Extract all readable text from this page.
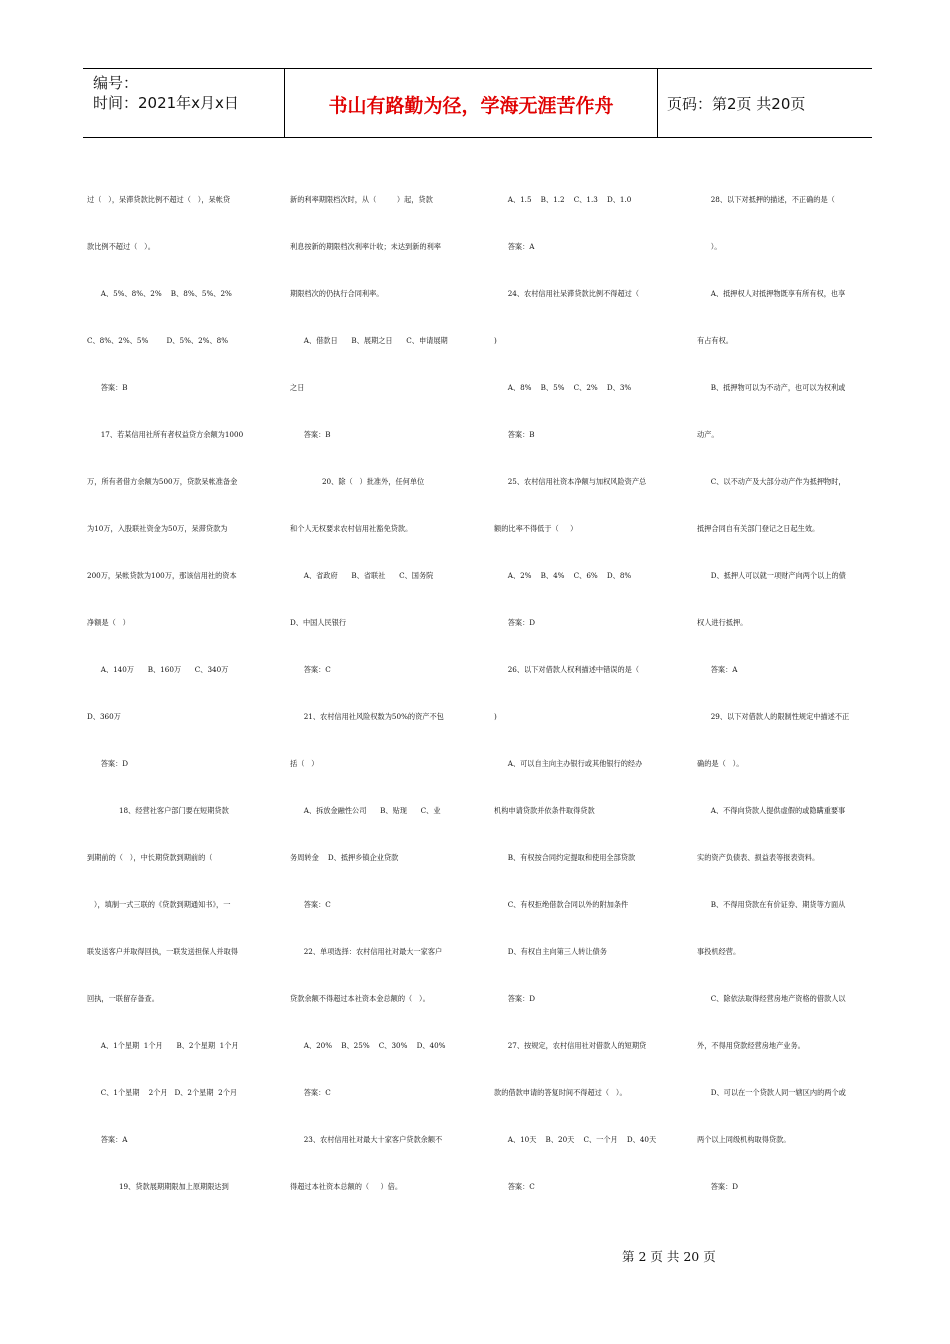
编号：
时间：2021年x月x日	书山有路勤为径，学海无涯苦作舟	页码：第2页 共20页
过（   ），呆滞贷款比例不超过（   ），呆帐贷
款比例不超过（   ）。
A、5%、8%、2%    B、8%、5%、2%
C、8%、2%、5%        D、5%、2%、8%
答案：B
17、若某信用社所有者权益贷方余额为1000
万，所有者借方余额为500万，贷款呆帐准备金
为10万，入股联社资金为50万，呆滞贷款为
200万，呆帐贷款为100万，那该信用社的资本
净额是（   ）
A、140万      B、160万      C、340万
D、360万
答案：D
18、经营社客户部门要在短期贷款
到期前的（   ），中长期贷款到期前的（
），填制一式三联的《贷款到期通知书》，一
联发送客户并取得回执，一联发送担保人并取得
回执，一联留存备查。
A、1个星期  1个月      B、2个星期  1个月
C、1个星期    2个月   D、2个星期  2个月
答案：A
19、贷款展期期限加上原期限达到
新的利率期限档次时，从（         ）起，贷款
利息按新的期限档次利率计收；未达到新的利率
期限档次的仍执行合同利率。
A、借款日      B、展期之日      C、申请展期
之日
答案：B
20、除（   ）批准外，任何单位
和个人无权要求农村信用社豁免贷款。
A、省政府      B、省联社      C、国务院
D、中国人民银行
答案：C
21、农村信用社风险权数为50%的资产不包
括（   ）
A、拆放金融性公司      B、贴现      C、业
务周转金    D、抵押乡镇企业贷款
答案：C
22、单项选择：农村信用社对最大一家客户
贷款余额不得超过本社资本金总额的（   ）。
A、20%    B、25%    C、30%    D、40%
答案：C
23、农村信用社对最大十家客户贷款余额不
得超过本社资本总额的（     ）倍。
A、1.5    B、1.2    C、1.3    D、1.0
答案：A
24、农村信用社呆滞贷款比例不得超过（
)
A、8%    B、5%    C、2%    D、3%
答案：B
25、农村信用社资本净额与加权风险资产总
额的比率不得低于（     ）
A、2%    B、4%    C、6%    D、8%
答案：D
26、以下对借款人权利描述中错误的是（
)
A、可以自主向主办银行或其他银行的经办
机构申请贷款并依条件取得贷款
B、有权按合同约定提取和使用全部贷款
C、有权拒绝借款合同以外的附加条件
D、有权自主向第三人转让债务
答案：D
27、按规定，农村信用社对借款人的短期贷
款的借款申请的答复时间不得超过（   ）。
A、10天    B、20天    C、一个月    D、40天
答案：C
28、以下对抵押的描述，不正确的是（
）。
A、抵押权人对抵押物既享有所有权，也享
有占有权。
B、抵押物可以为不动产，也可以为权利或
动产。
C、以不动产及大部分动产作为抵押物时，
抵押合同自有关部门登记之日起生效。
D、抵押人可以就一项财产向两个以上的债
权人进行抵押。
答案：A
29、以下对借款人的限制性规定中描述不正
确的是（   ）。
A、不得向贷款人提供虚假的或隐瞒重要事
实的资产负债表、损益表等报表资料。
B、不得用贷款在有价证券、期货等方面从
事投机经营。
C、除依法取得经营房地产资格的借款人以
外，不得用贷款经营房地产业务。
D、可以在一个贷款人同一辖区内的两个或
两个以上同级机构取得贷款。
答案：D
第 2 页 共 20 页
